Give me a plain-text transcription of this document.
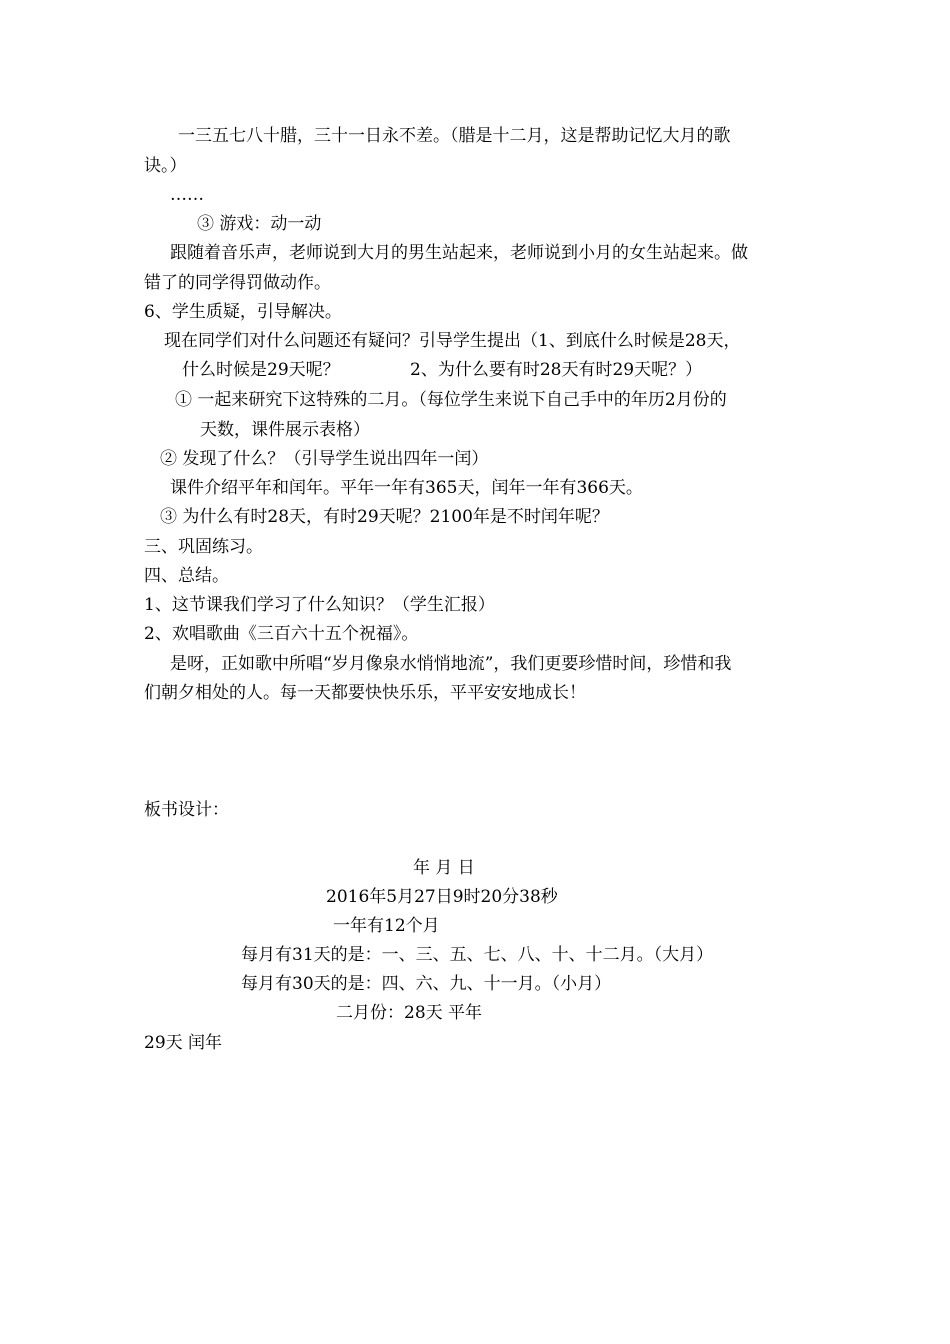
一三五七八十腊，三十一日永不差。（腊是十二月，这是帮助记忆大月的歌
诀。）
……
③ 游戏：动一动
跟随着音乐声，老师说到大月的男生站起来，老师说到小月的女生站起来。做
错了的同学得罚做动作。
6、学生质疑，引导解决。
现在同学们对什么问题还有疑问？引导学生提出（1、到底什么时候是28天，
什么时候是29天呢？	2、为什么要有时28天有时29天呢？）
① 一起来研究下这特殊的二月。（每位学生来说下自己手中的年历2月份的
天数，课件展示表格）
② 发现了什么？（引导学生说出四年一闰）
课件介绍平年和闰年。平年一年有365天，闰年一年有366天。
③ 为什么有时28天，有时29天呢？2100年是不时闰年呢？
三、巩固练习。
四、总结。
1、这节课我们学习了什么知识？（学生汇报）
2、欢唱歌曲《三百六十五个祝福》。
是呀，正如歌中所唱“岁月像泉水悄悄地流”，我们更要珍惜时间，珍惜和我
们朝夕相处的人。每一天都要快快乐乐，平平安安地成长！
板书设计：
年 月 日
2016年5月27日9时20分38秒
一年有12个月
每月有31天的是：一、三、五、七、八、十、十二月。（大月）
每月有30天的是：四、六、九、十一月。（小月）
二月份：28天 平年
29天 闰年
